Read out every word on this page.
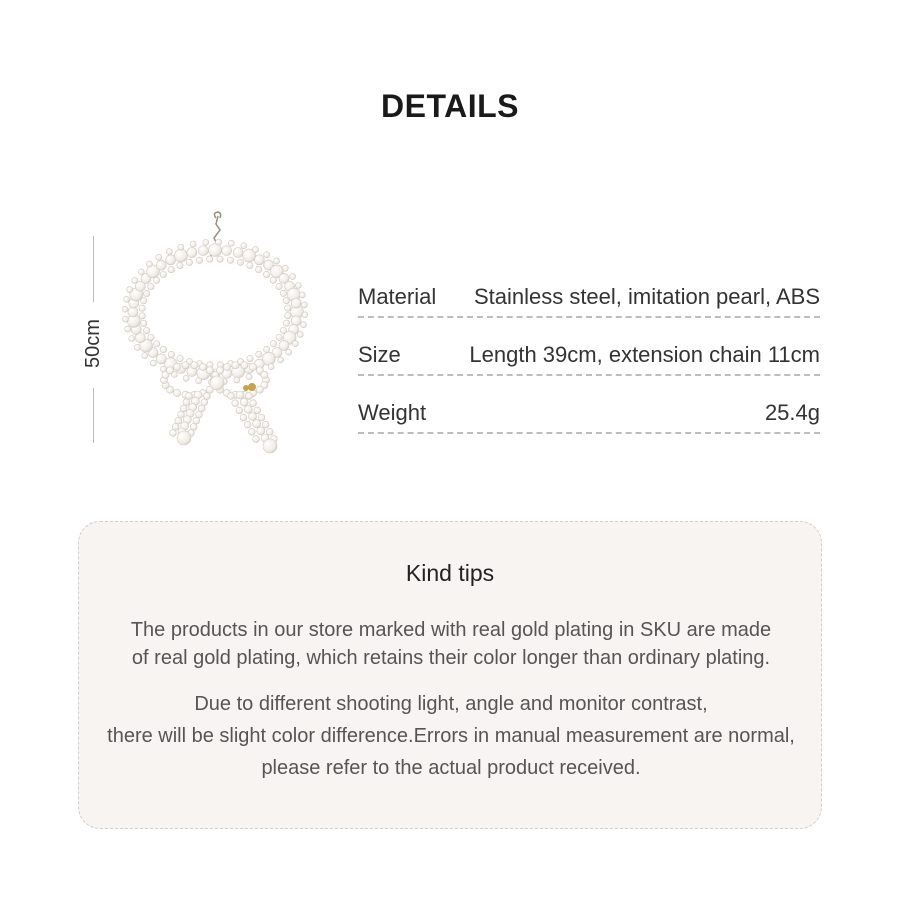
DETAILS
50cm
Material Stainless steel, imitation pearl, ABS
Size	Length 39cm, extension chain 11cm
Weight	25.4g
Kind tips
The products in our store marked with real gold plating in SKU are made
of real gold plating, which retains their color longer than ordinary plating.
Due to different shooting light, angle and monitor contrast,
there will be slight color difference.Errors in manual measurement are normal,
please refer to the actual product received.
